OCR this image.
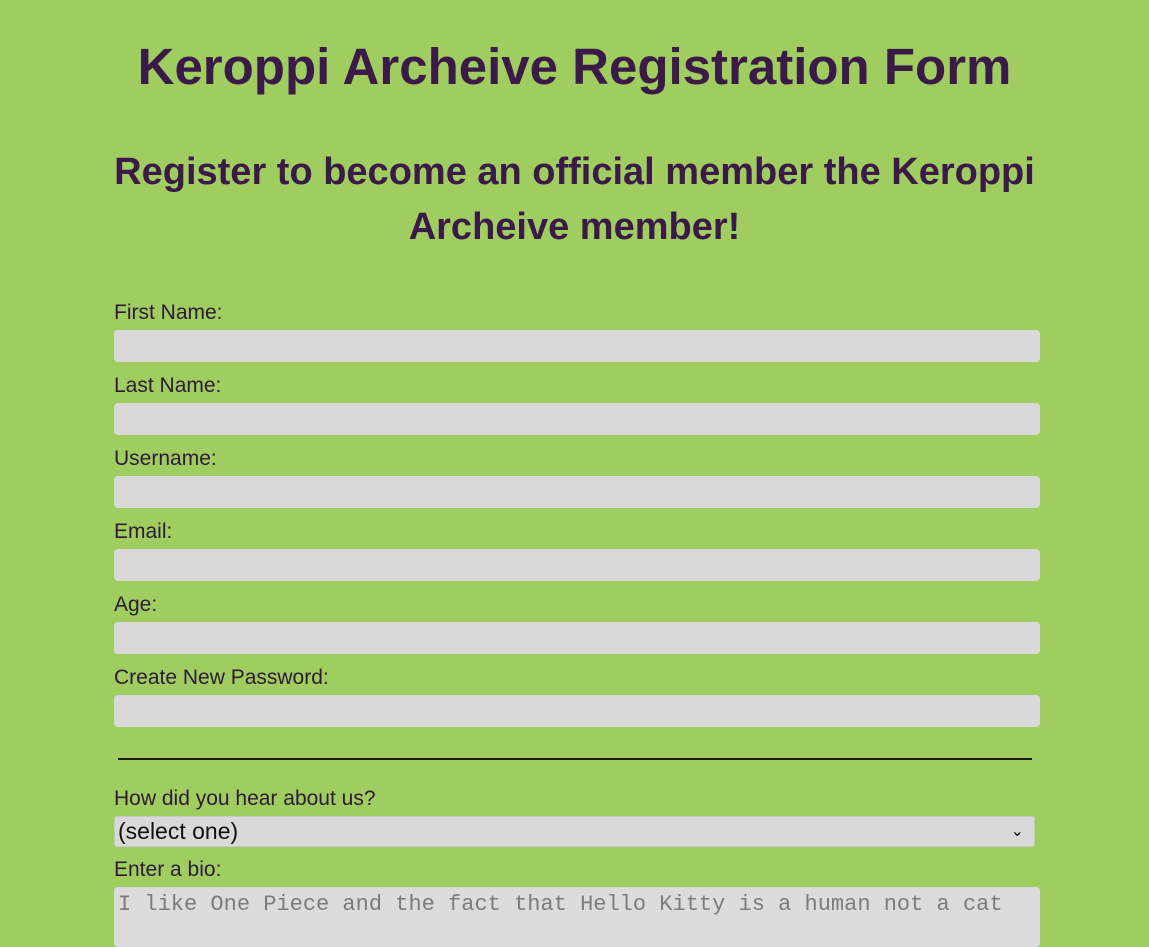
Keroppi Archeive Registration Form
Register to become an official member the Keroppi Archeive member!
First Name:
Last Name:
Username:
Email:
Age:
Create New Password:
How did you hear about us?
(select one)	⌄
Enter a bio:
I like One Piece and the fact that Hello Kitty is a human not a cat
